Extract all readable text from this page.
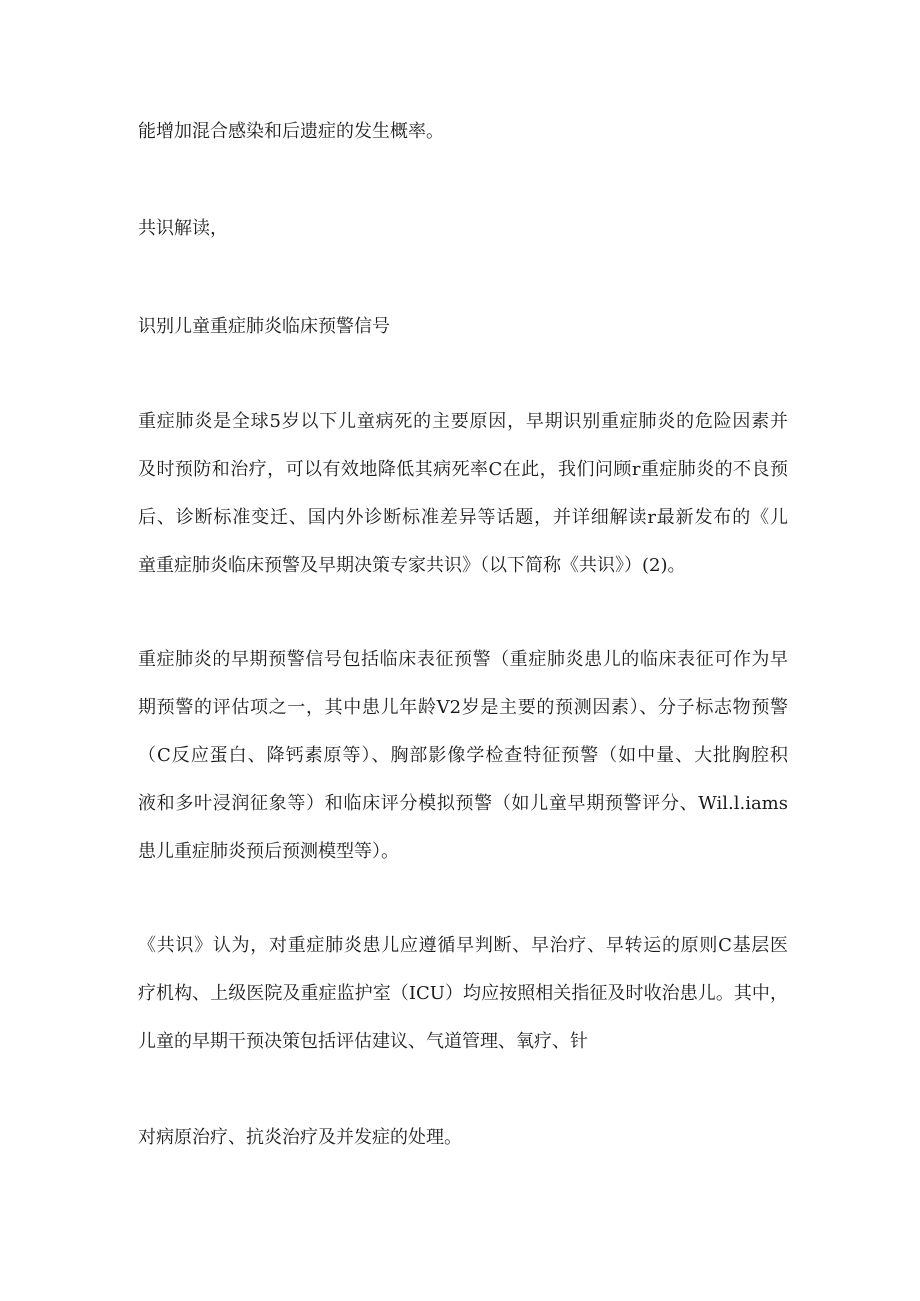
能增加混合感染和后遗症的发生概率。
共识解读，
识别儿童重症肺炎临床预警信号
重症肺炎是全球5岁以下儿童病死的主要原因，早期识别重症肺炎的危险因素并
及时预防和治疗，可以有效地降低其病死率C在此，我们问顾r重症肺炎的不良预
后、诊断标准变迁、国内外诊断标准差异等话题，并详细解读r最新发布的《儿
童重症肺炎临床预警及早期决策专家共识》（以下简称《共识》）(2)。
重症肺炎的早期预警信号包括临床表征预警（重症肺炎患儿的临床表征可作为早
期预警的评估项之一，其中患儿年龄V2岁是主要的预测因素）、分子标志物预警
（C反应蛋白、降钙素原等）、胸部影像学检查特征预警（如中量、大批胸腔积
液和多叶浸润征象等）和临床评分模拟预警（如儿童早期预警评分、Wil.l.iams
患儿重症肺炎预后预测模型等）。
《共识》认为，对重症肺炎患儿应遵循早判断、早治疗、早转运的原则C基层医
疗机构、上级医院及重症监护室（ICU）均应按照相关指征及时收治患儿。其中，
儿童的早期干预决策包括评估建议、气道管理、氧疗、针
对病原治疗、抗炎治疗及并发症的处理。
